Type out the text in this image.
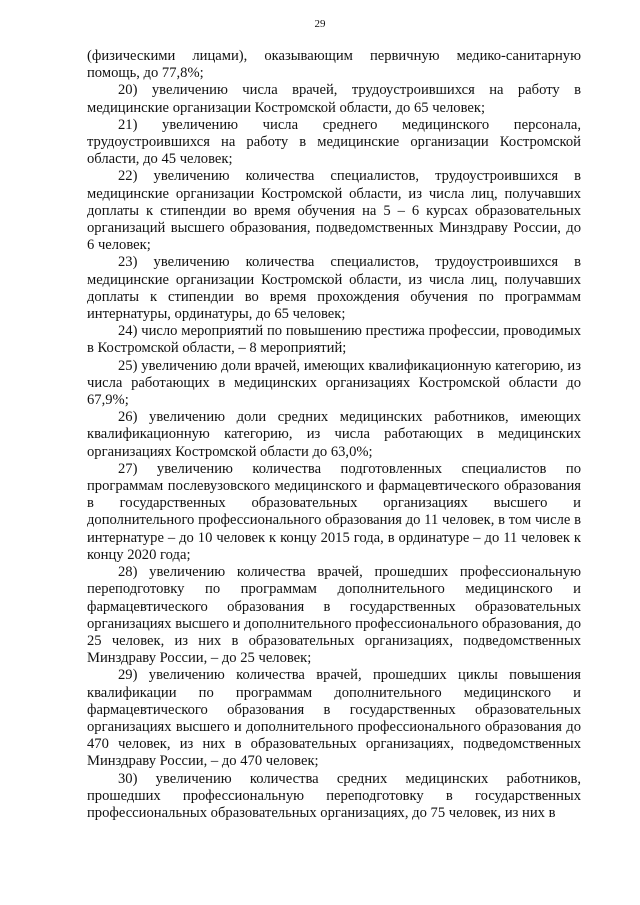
29

(физическими лицами), оказывающим первичную медико-санитарную помощь, до 77,8%;

20) увеличению числа врачей, трудоустроившихся на работу в медицинские организации Костромской области, до 65 человек;

21) увеличению числа среднего медицинского персонала, трудоустроившихся на работу в медицинские организации Костромской области, до 45 человек;

22) увеличению количества специалистов, трудоустроившихся в медицинские организации Костромской области, из числа лиц, получавших доплаты к стипендии во время обучения на 5 – 6 курсах образовательных организаций высшего образования, подведомственных Минздраву России, до 6 человек;

23) увеличению количества специалистов, трудоустроившихся в медицинские организации Костромской области, из числа лиц, получавших доплаты к стипендии во время прохождения обучения по программам интернатуры, ординатуры, до 65 человек;

24) число мероприятий по повышению престижа профессии, проводимых в Костромской области, – 8 мероприятий;

25) увеличению доли врачей, имеющих квалификационную категорию, из числа работающих в медицинских организациях Костромской области до 67,9%;

26) увеличению доли средних медицинских работников, имеющих квалификационную категорию, из числа работающих в медицинских организациях Костромской области до 63,0%;

27) увеличению количества подготовленных специалистов по программам послевузовского медицинского и фармацевтического образования в государственных образовательных организациях высшего и дополнительного профессионального образования до 11 человек, в том числе в интернатуре – до 10 человек к концу 2015 года, в ординатуре – до 11 человек к концу 2020 года;

28) увеличению количества врачей, прошедших профессиональную переподготовку по программам дополнительного медицинского и фармацевтического образования в государственных образовательных организациях высшего и дополнительного профессионального образования, до 25 человек, из них в образовательных организациях, подведомственных Минздраву России, – до 25 человек;

29) увеличению количества врачей, прошедших циклы повышения квалификации по программам дополнительного медицинского и фармацевтического образования в государственных образовательных организациях высшего и дополнительного профессионального образования до 470 человек, из них в образовательных организациях, подведомственных Минздраву России, – до 470 человек;

30) увеличению количества средних медицинских работников, прошедших профессиональную переподготовку в государственных профессиональных образовательных организациях, до 75 человек, из них в
